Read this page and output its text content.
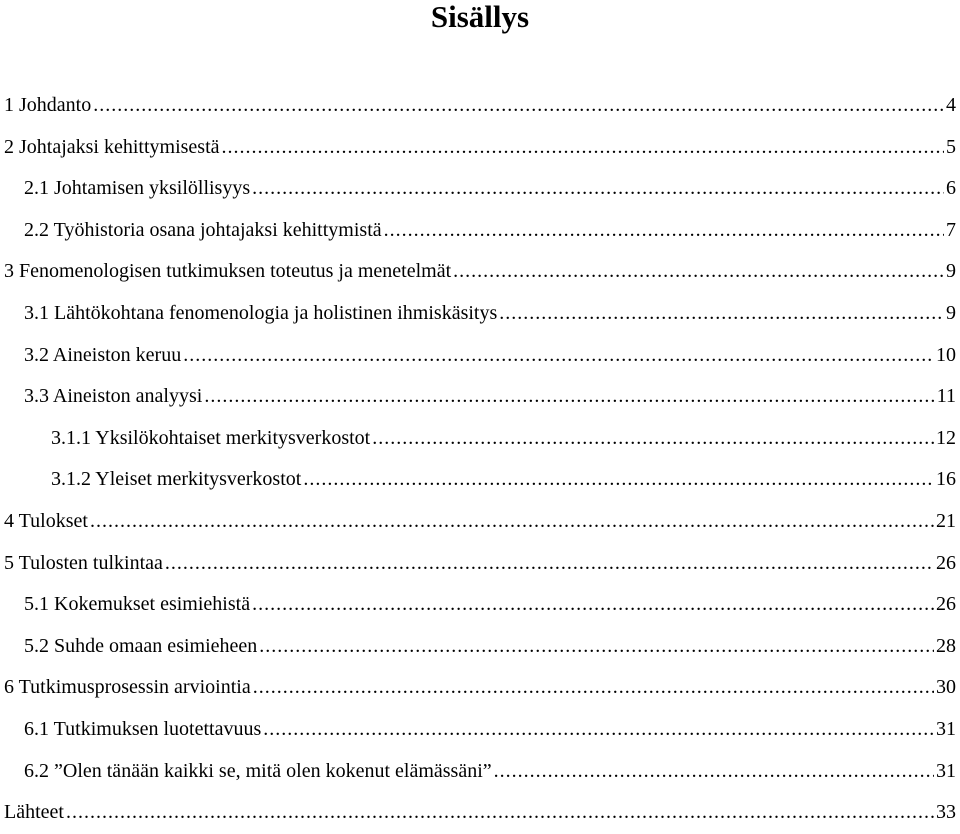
Sisällys
1 Johdanto .....	4
2 Johtajaksi kehittymisestä .....	5
2.1 Johtamisen yksilöllisyys .....	6
2.2 Työhistoria osana johtajaksi kehittymistä .....	7
3 Fenomenologisen tutkimuksen toteutus ja menetelmät .....	9
3.1 Lähtökohtana fenomenologia ja holistinen ihmiskäsitys .....	9
3.2 Aineiston keruu .....	10
3.3 Aineiston analyysi .....	11
3.1.1 Yksilökohtaiset merkitysverkostot .....	12
3.1.2 Yleiset merkitysverkostot .....	16
4 Tulokset .....	21
5 Tulosten tulkintaa .....	26
5.1 Kokemukset esimiehistä .....	26
5.2 Suhde omaan esimieheen .....	28
6 Tutkimusprosessin arviointia .....	30
6.1 Tutkimuksen luotettavuus .....	31
6.2 ”Olen tänään kaikki se, mitä olen kokenut elämässäni” .....	31
Lähteet .....	33
